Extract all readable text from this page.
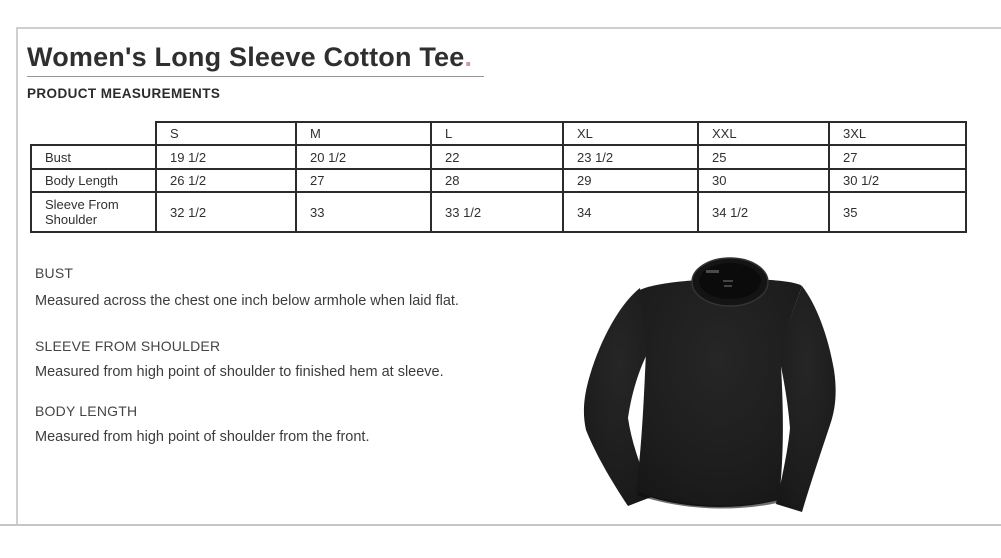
Women's Long Sleeve Cotton Tee.
PRODUCT MEASUREMENTS
	S	M	L	XL	XXL	3XL
Bust	19 1/2	20 1/2	22	23 1/2	25	27
Body Length	26 1/2	27	28	29	30	30 1/2
Sleeve From Shoulder	32 1/2	33	33 1/2	34	34 1/2	35
BUST
Measured across the chest one inch below armhole when laid flat.
SLEEVE FROM SHOULDER
Measured from high point of shoulder to finished hem at sleeve.
BODY LENGTH
Measured from high point of shoulder from the front.
